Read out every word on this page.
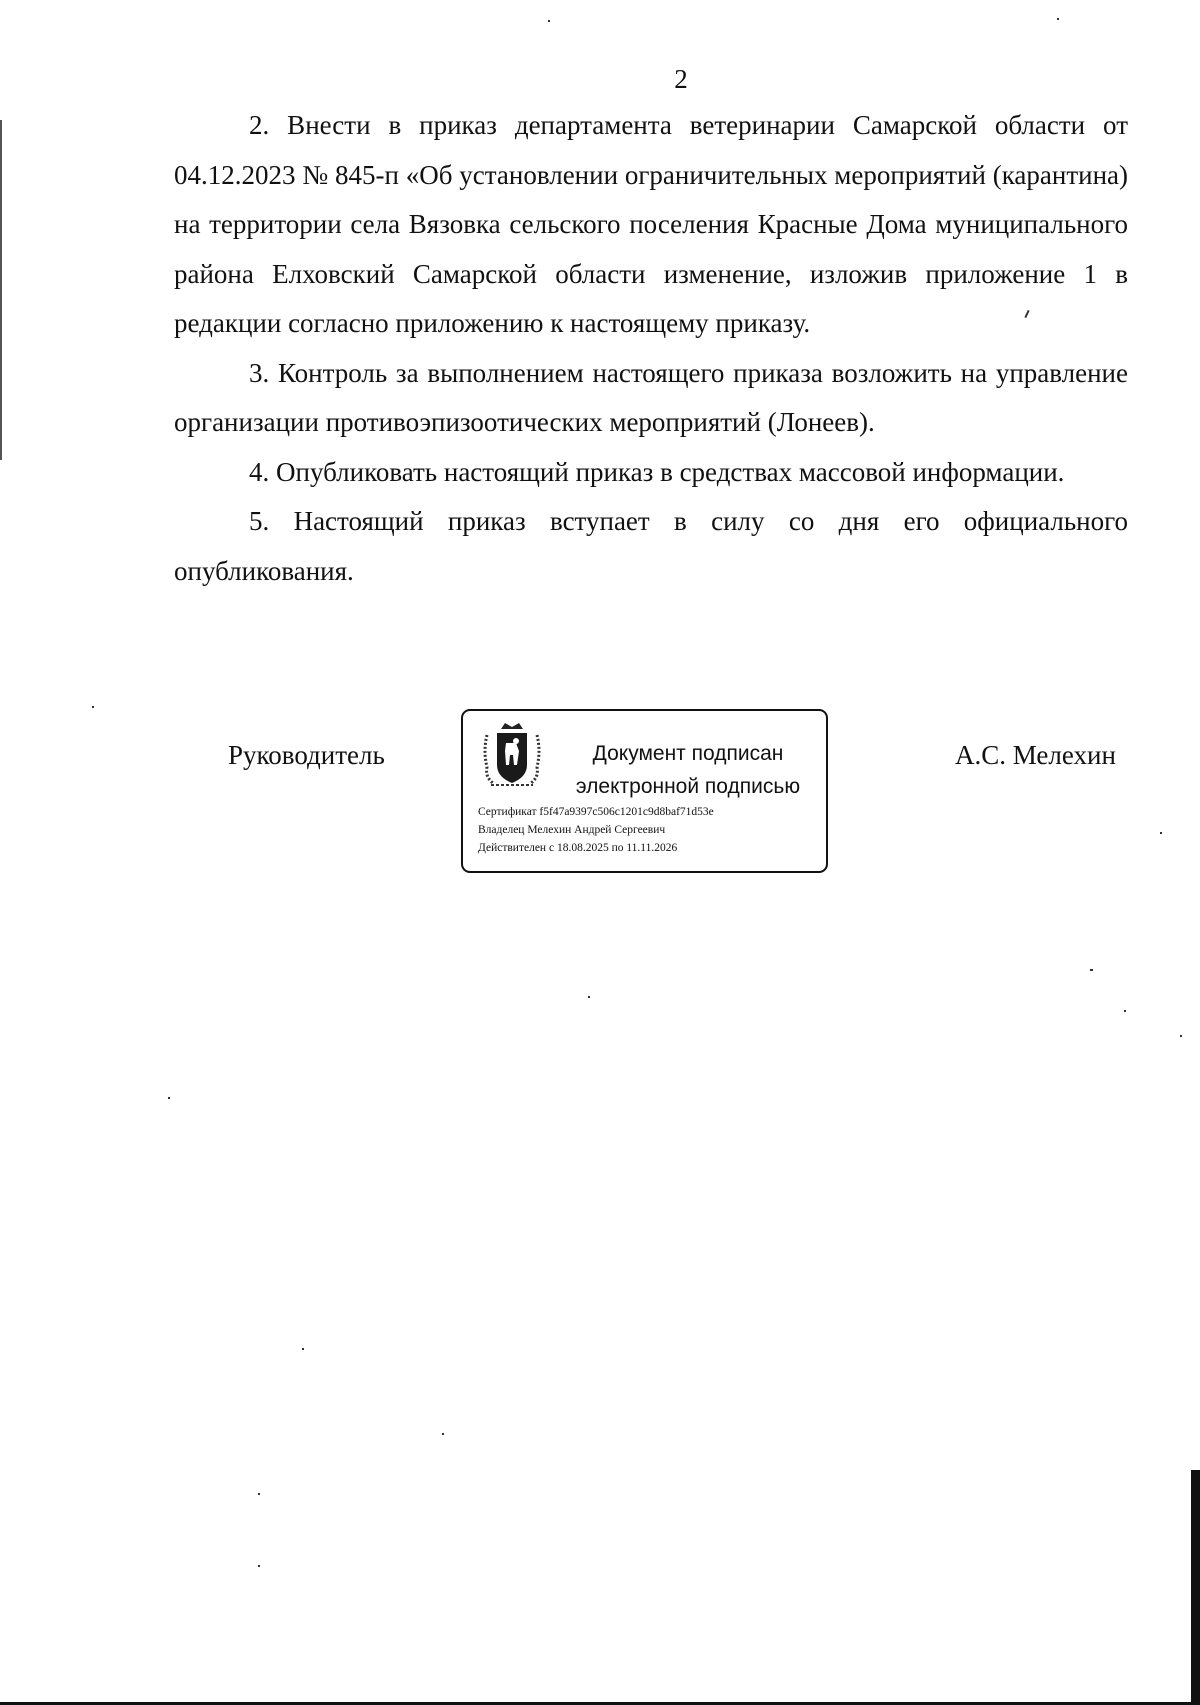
2

2. Внести в приказ департамента ветеринарии Самарской области от 04.12.2023 № 845-п «Об установлении ограничительных мероприятий (карантина) на территории села Вязовка сельского поселения Красные Дома муниципального района Елховский Самарской области изменение, изложив приложение 1 в редакции согласно приложению к настоящему приказу.

3. Контроль за выполнением настоящего приказа возложить на управление организации противоэпизоотических мероприятий (Лонеев).

4. Опубликовать настоящий приказ в средствах массовой информации.

5. Настоящий приказ вступает в силу со дня его официального опубликования.

Руководитель	Документ подписан
электронной подписью
Сертификат f5f47a9397c506c1201c9d8baf71d53e
Владелец Мелехин Андрей Сергеевич
Действителен с 18.08.2025 по 11.11.2026
А.С. Мелехин
